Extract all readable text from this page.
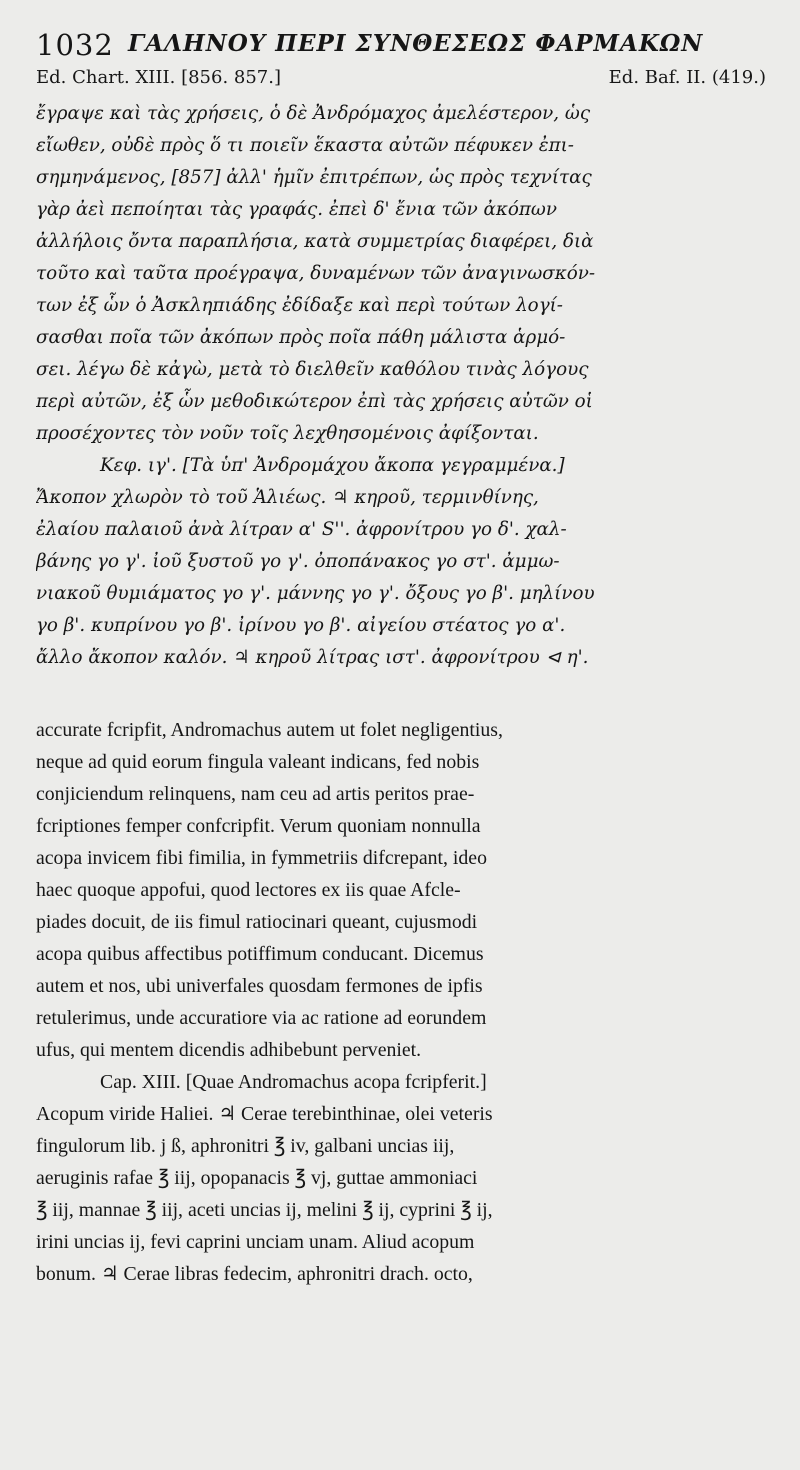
1032 ΓΑΛΗΝΟΥ ΠΕΡΙ ΣΥΝΘΕΣΕΩΣ ΦΑΡΜΑΚΩΝ
Ed. Chart. XIII. [856. 857.]	Ed. Baf. II. (419.)
ἔγραψε καὶ τὰς χρήσεις, ὁ δὲ Ἀνδρόμαχος ἀμελέστερον, ὡς
εἴωθεν, οὐδὲ πρὸς ὅ τι ποιεῖν ἕκαστα αὐτῶν πέφυκεν ἐπι-
σημηνάμενος, [857] ἀλλ' ἡμῖν ἐπιτρέπων, ὡς πρὸς τεχνίτας
γὰρ ἀεὶ πεποίηται τὰς γραφάς. ἐπεὶ δ' ἔνια τῶν ἀκόπων
ἀλλήλοις ὄντα παραπλήσια, κατὰ συμμετρίας διαφέρει, διὰ
τοῦτο καὶ ταῦτα προέγραψα, δυναμένων τῶν ἀναγινωσκόν-
των ἐξ ὧν ὁ Ἀσκληπιάδης ἐδίδαξε καὶ περὶ τούτων λογί-
σασθαι ποῖα τῶν ἀκόπων πρὸς ποῖα πάθη μάλιστα ἁρμό-
σει. λέγω δὲ κἀγὼ, μετὰ τὸ διελθεῖν καθόλου τινὰς λόγους
περὶ αὐτῶν, ἐξ ὧν μεθοδικώτερον ἐπὶ τὰς χρήσεις αὐτῶν οἱ
προσέχοντες τὸν νοῦν τοῖς λεχθησομένοις ἀφίξονται.
Κεφ. ιγ'. [Τὰ ὑπ' Ἀνδρομάχου ἄκοπα γεγραμμένα.]
Ἄκοπον χλωρὸν τὸ τοῦ Ἁλιέως. ♃ κηροῦ, τερμινθίνης,
ἐλαίου παλαιοῦ ἀνὰ λίτραν α' S''. ἀφρονίτρου γο δ'. χαλ-
βάνης γο γ'. ἰοῦ ξυστοῦ γο γ'. ὀποπάνακος γο στ'. ἀμμω-
νιακοῦ θυμιάματος γο γ'. μάννης γο γ'. ὄξους γο β'. μηλίνου
γο β'. κυπρίνου γο β'. ἰρίνου γο β'. αἰγείου στέατος γο α'.
ἄλλο ἄκοπον καλόν. ♃ κηροῦ λίτρας ιστ'. ἀφρονίτρου ⊲ η'.
accurate fcripfit, Andromachus autem ut folet negligentius,
neque ad quid eorum fingula valeant indicans, fed nobis
conjiciendum relinquens, nam ceu ad artis peritos prae-
fcriptiones femper confcripfit. Verum quoniam nonnulla
acopa invicem fibi fimilia, in fymmetriis difcrepant, ideo
haec quoque appofui, quod lectores ex iis quae Afcle-
piades docuit, de iis fimul ratiocinari queant, cujusmodi
acopa quibus affectibus potiffimum conducant. Dicemus
autem et nos, ubi univerfales quosdam fermones de ipfis
retulerimus, unde accuratiore via ac ratione ad eorundem
ufus, qui mentem dicendis adhibebunt perveniet.
Cap. XIII. [Quae Andromachus acopa fcripferit.]
Acopum viride Haliei. ♃ Cerae terebinthinae, olei veteris
fingulorum lib. j ß, aphronitri ℥ iv, galbani uncias iij,
aeruginis rafae ℥ iij, opopanacis ℥ vj, guttae ammoniaci
℥ iij, mannae ℥ iij, aceti uncias ij, melini ℥ ij, cyprini ℥ ij,
irini uncias ij, fevi caprini unciam unam. Aliud acopum
bonum. ♃ Cerae libras fedecim, aphronitri drach. octo,
